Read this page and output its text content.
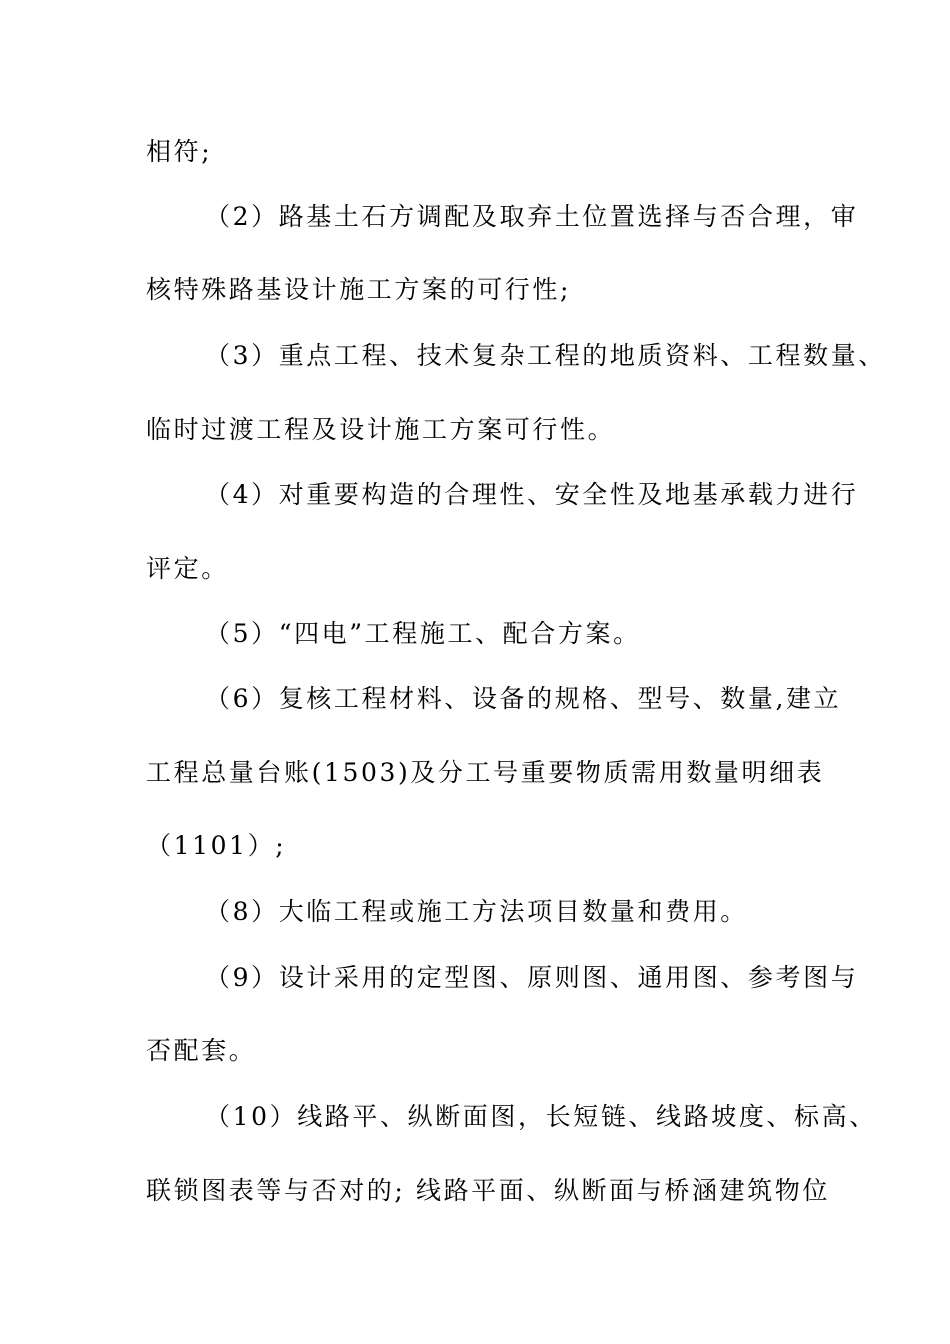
相符;
（2）路基土石方调配及取弃土位置选择与否合理，审
核特殊路基设计施工方案的可行性;
（3）重点工程、技术复杂工程的地质资料、工程数量、
临时过渡工程及设计施工方案可行性。
（4）对重要构造的合理性、安全性及地基承载力进行
评定。
（5）“四电”工程施工、配合方案。
（6）复核工程材料、设备的规格、型号、数量,建立
工程总量台账(1503)及分工号重要物质需用数量明细表
（1101）;
（8）大临工程或施工方法项目数量和费用。
（9）设计采用的定型图、原则图、通用图、参考图与
否配套。
（10）线路平、纵断面图，长短链、线路坡度、标高、
联锁图表等与否对的; 线路平面、纵断面与桥涵建筑物位
